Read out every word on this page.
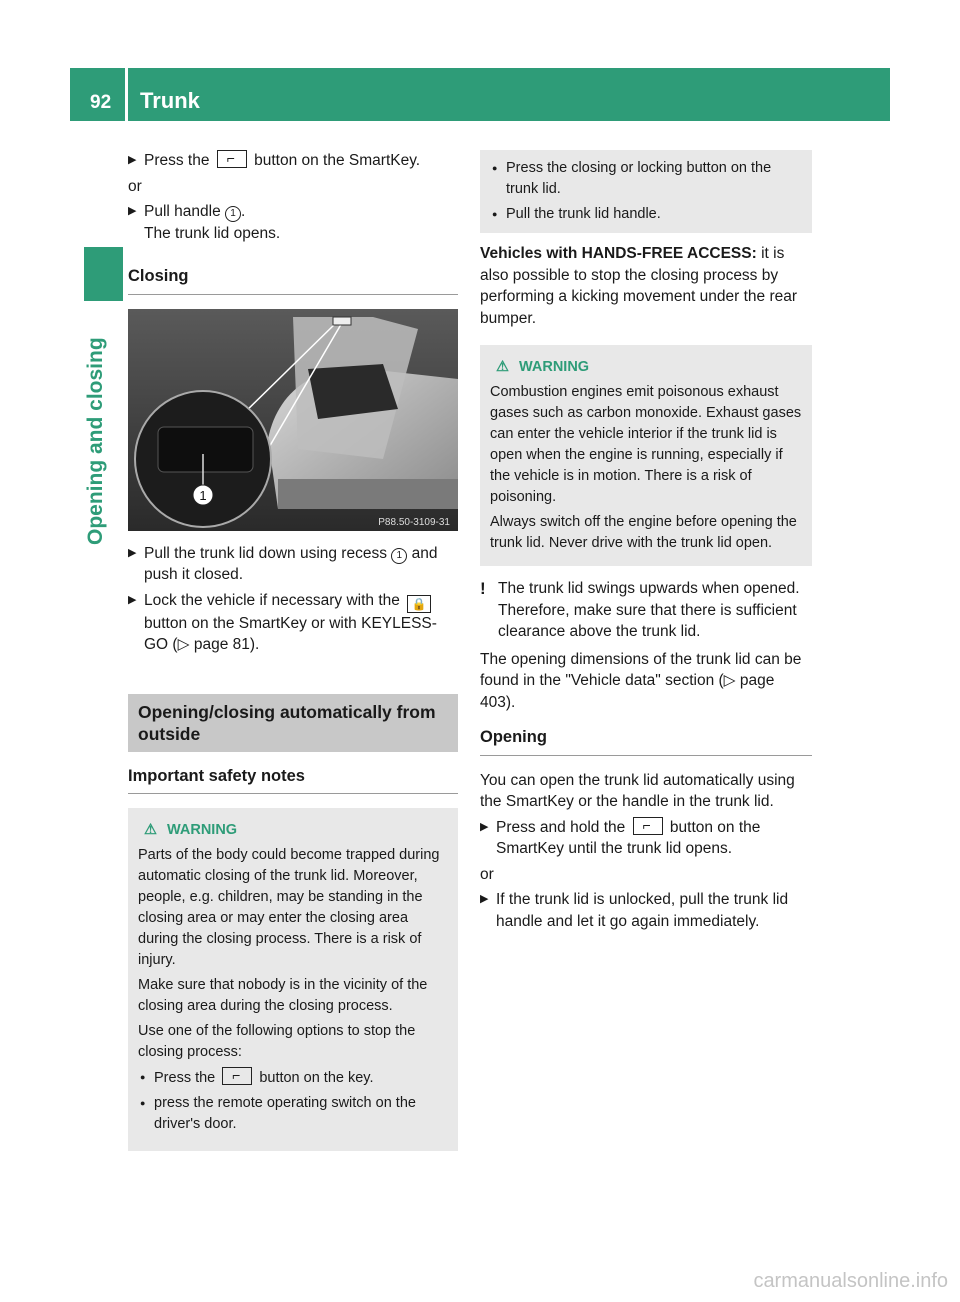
92 Trunk
Opening and closing

▶ Press the ⌐	button on the SmartKey.

or

▶ Pull handle 1 .
The trunk lid opens.

Closing
1
P88.50-3109-31

▶ Pull the trunk lid down using recess 1 and push it closed.

▶ Lock the vehicle if necessary with the 🔒 button on the SmartKey or with KEYLESS-GO (▷ page 81).

Opening/closing automatically from outside
Important safety notes
⚠ WARNING

Parts of the body could become trapped during automatic closing of the trunk lid. Moreover, people, e.g. children, may be standing in the closing area or may enter the closing area during the closing process. There is a risk of injury.

Make sure that nobody is in the vicinity of the closing area during the closing process.

Use one of the following options to stop the closing process:

● Press the ⌐	button on the key.

● press the remote operating switch on the driver's door.

● Press the closing or locking button on the trunk lid.

● Pull the trunk lid handle.

Vehicles with HANDS-FREE ACCESS: it is also possible to stop the closing process by performing a kicking movement under the rear bumper.

⚠ WARNING

Combustion engines emit poisonous exhaust gases such as carbon monoxide. Exhaust gases can enter the vehicle interior if the trunk lid is open when the engine is running, especially if the vehicle is in motion. There is a risk of poisoning.

Always switch off the engine before opening the trunk lid. Never drive with the trunk lid open.

! The trunk lid swings upwards when opened. Therefore, make sure that there is sufficient clearance above the trunk lid.

The opening dimensions of the trunk lid can be found in the "Vehicle data" section (▷ page 403).

Opening

You can open the trunk lid automatically using the SmartKey or the handle in the trunk lid.

▶ Press and hold the ⌐	button on the SmartKey until the trunk lid opens.

or

▶ If the trunk lid is unlocked, pull the trunk lid handle and let it go again immediately.

carmanualsonline.info
